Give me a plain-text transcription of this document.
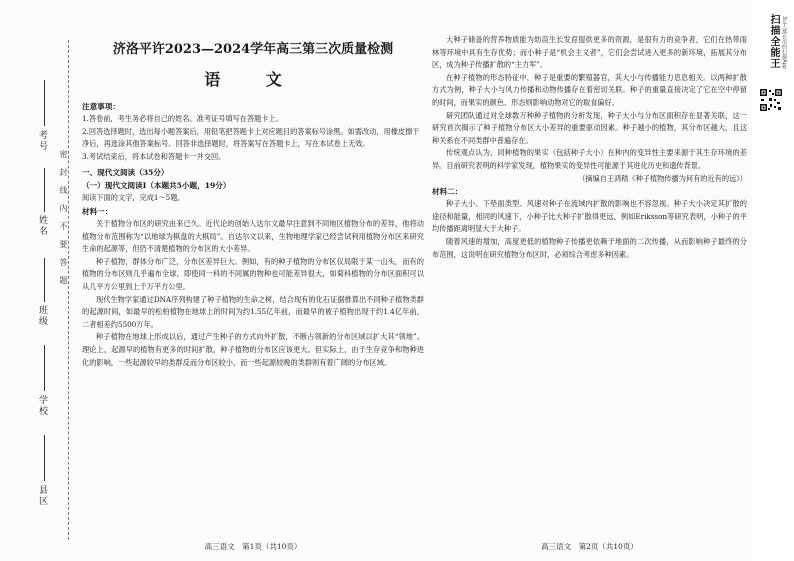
考号
姓名
班级
学校
县区
密封线内不要答题
济洛平许2023—2024学年高三第三次质量检测
语 文

注意事项：

1.答卷前，考生务必将自己的姓名、准考证号填写在答题卡上。

2.回答选择题时，选出每小题答案后，用铅笔把答题卡上对应题目的答案标号涂黑。如需改动，用橡皮擦干净后，再选涂其他答案标号。回答非选择题时，将答案写在答题卡上，写在本试卷上无效。

3.考试结束后，将本试卷和答题卡一并交回。

一、现代文阅读（35分）

（一）现代文阅读Ⅰ（本题共5小题，19分）

阅读下面的文字，完成1～5题。

材料一：

关于植物分布区的研究由来已久。近代论的创始人达尔文最早注意到不同地区植物分布的差异，他将动植物分布范围称为“以地球为棋盘的大棋局”。自达尔文以来，生物地理学家已经尝试利用植物分布区来研究生命的起源等，但仍不清楚植物的分布区的大小差异。

种子植物，群体分布广泛，分布区差异巨大。例如，有的种子植物的分布区仅局限于某一山头，而有的植物的分布区则几乎遍布全球，即使同一科的不同属的物种也可能差异很大，如菊科植物的分布区面积可以从几平方公里到上千万平方公里。

现代生物学家通过DNA序列构建了种子植物的生命之树，结合现有的化石证据推算出不同种子植物类群的起源时间，如最早的松柏植物在地球上的时间为约1.55亿年前，而最早的被子植物出现于约1.4亿年前，二者相差约5500万年。

种子植物在地球上形成以后，通过产生种子的方式向外扩散，不断占领新的分布区域以扩大其“领地”。理论上，起源早的植物有更多的时间扩散，种子植物的分布区应该更大。但实际上，由于生存竞争和物种进化的影响，一些起源较早的类群反而分布区较小，而一些起源较晚的类群则有着广阔的分布区域。

高三语文　第1页（共10页）

大种子储备的营养物质能为幼苗生长发育提供更多的资源，是很有力的竞争者，它们在热带雨林等环境中具有生存优势；而小种子是“机会主义者”，它们会尝试进入更多的新环境，拓展其分布区，成为种子传播扩散的“主力军”。

在种子植物的形态特征中，种子是重要的繁殖器官，其大小与传播能力息息相关。以两种扩散方式为例，种子大小与风力传播和动物传播存在着密切关联。种子的重量直接决定了它在空中停留的时间，而果实的颜色、形态则影响动物对它的取食偏好。

研究团队通过对全球数万种种子植物的分析发现，种子大小与分布区面积存在显著关联，这一研究首次揭示了种子植物分布区大小差异的重要驱动因素。种子越小的植物，其分布区越大，且这种关系在不同类群中普遍存在。

传统观点认为，同种植物的果实（包括种子大小）在种内的变异性主要来源于其生存环境的差异。目前研究表明的科学家发现，植物果实的变异性可能源于其进化历史和遗传背景。

（摘编自王鸿嵇《种子植物传播为何有的近有的远》）

材料二：

种子大小、下垫面类型、风速对种子在流域内扩散的影响也不容忽视。种子大小决定其扩散的途径和能量，相同的风速下，小种子比大种子扩散得更远，例如Eriksson等研究表明，小种子的平均传播距离明显大于大种子。

随着风速的增加，高度更低的植物种子传播更依赖于地面的二次传播，从而影响种子最终的分布范围，这说明在研究植物分布区时，必须综合考虑多种因素。

高三语文　第2页（共10页）
扫描全能王 3亿人都在用的扫描App
